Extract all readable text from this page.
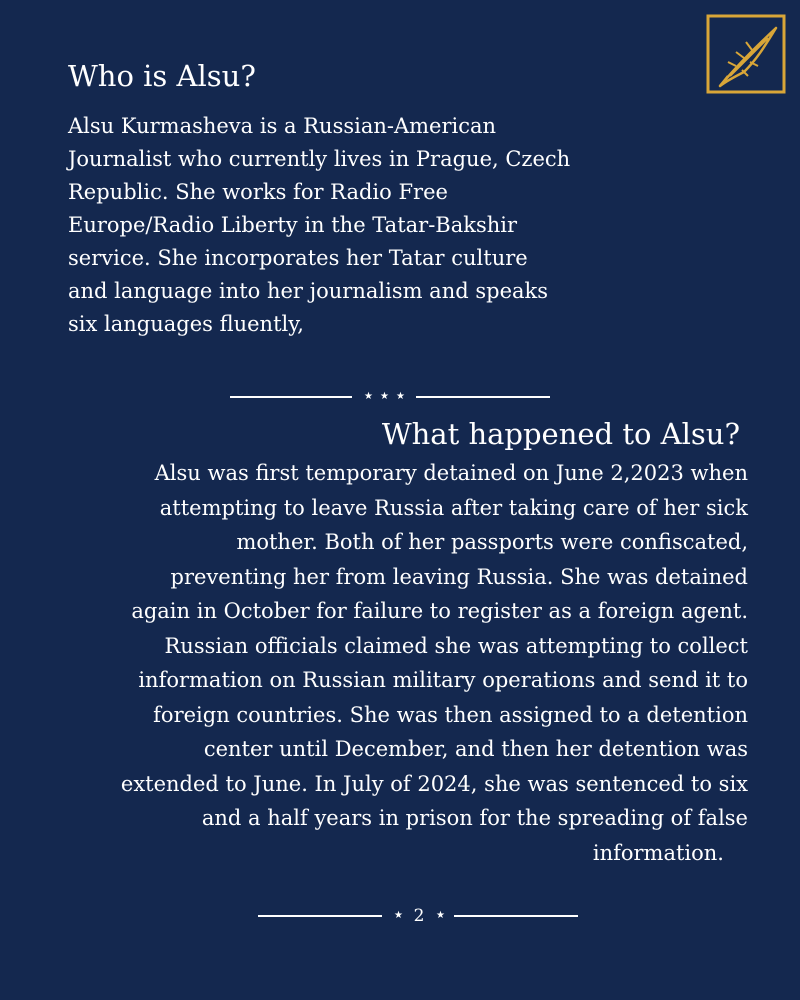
Who is Alsu?
Alsu Kurmasheva is a Russian-American
Journalist who currently lives in Prague, Czech
Republic. She works for Radio Free
Europe/Radio Liberty in the Tatar-Bakshir
service. She incorporates her Tatar culture
and language into her journalism and speaks
six languages fluently,
★ ★ ★
What happened to Alsu?
Alsu was first temporary detained on June 2,2023 when
attempting to leave Russia after taking care of her sick
mother. Both of her passports were confiscated,
preventing her from leaving Russia. She was detained
again in October for failure to register as a foreign agent.
Russian officials claimed she was attempting to collect
information on Russian military operations and send it to
foreign countries. She was then assigned to a detention
center until December, and then her detention was
extended to June. In July of 2024, she was sentenced to six
and a half years in prison for the spreading of false
information.
★	★
2
